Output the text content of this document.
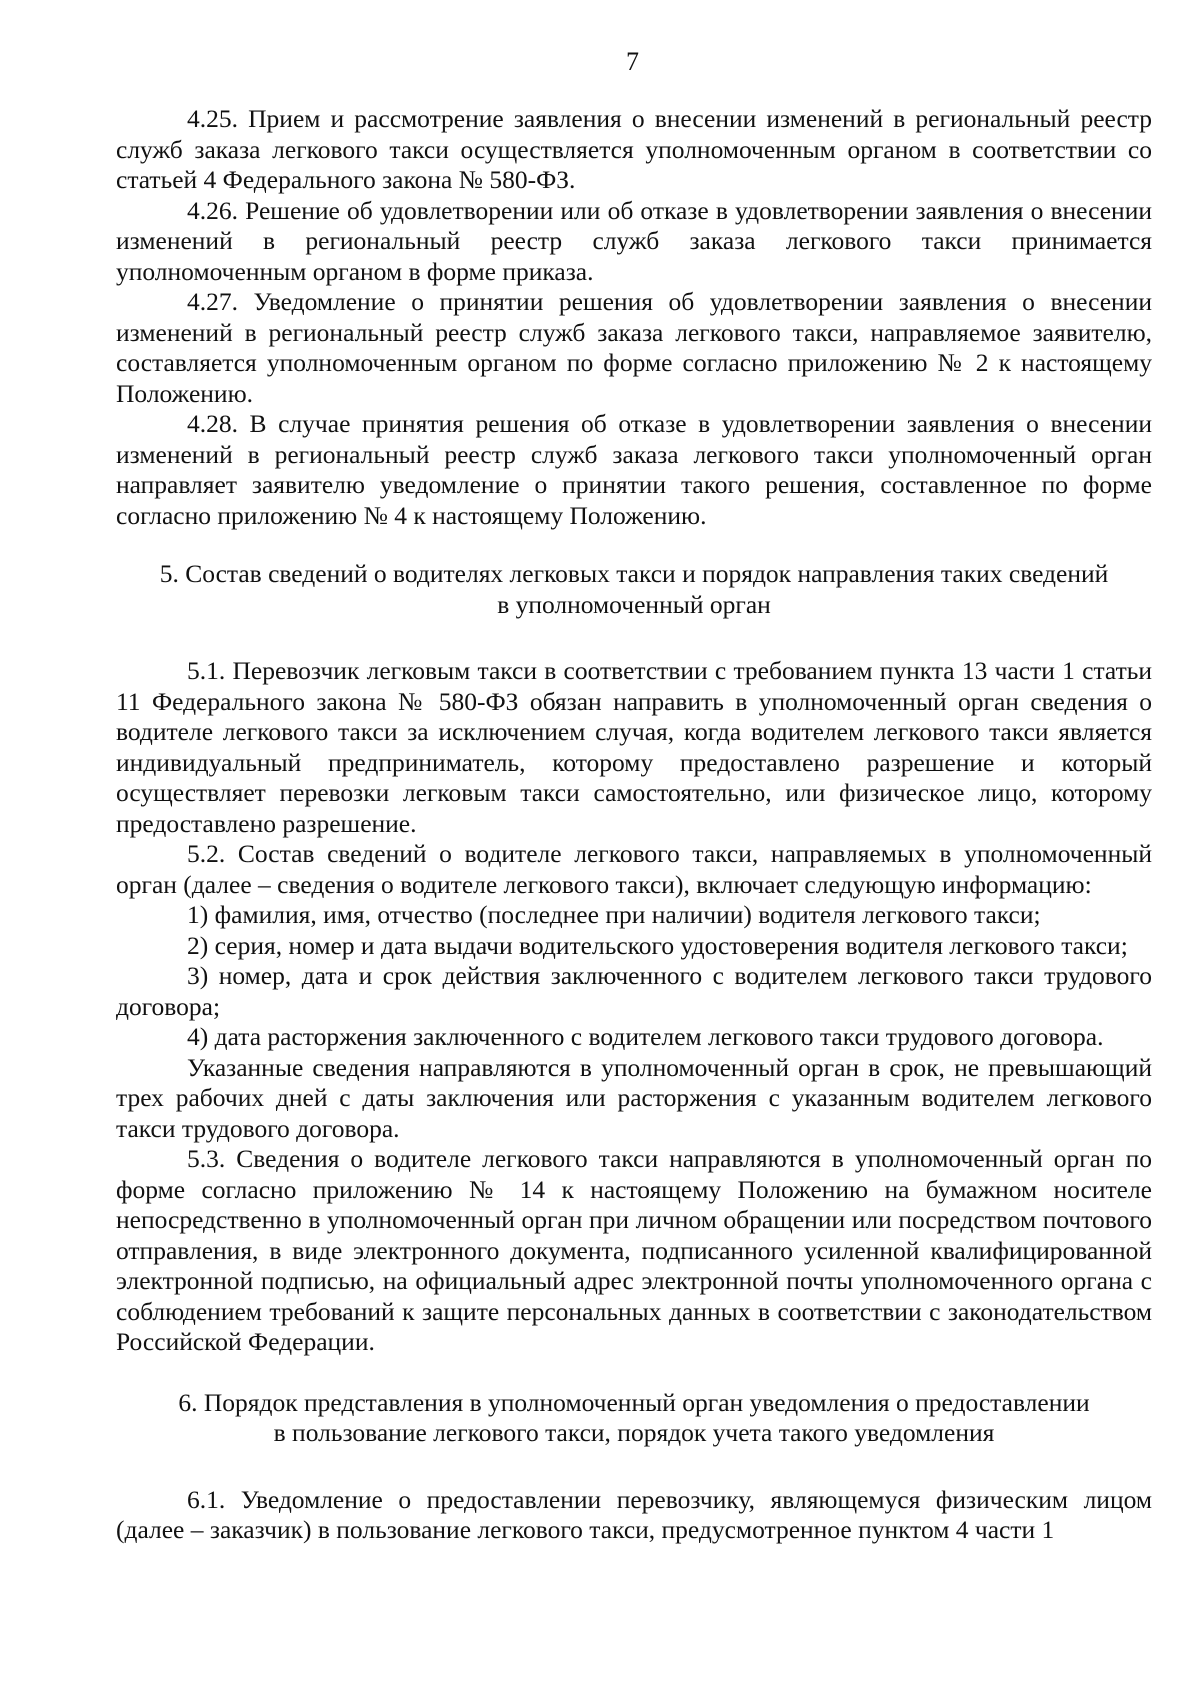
7

4.25. Прием и рассмотрение заявления о внесении изменений в региональный реестр служб заказа легкового такси осуществляется уполномоченным органом в соответствии со статьей 4 Федерального закона № 580-ФЗ.

4.26. Решение об удовлетворении или об отказе в удовлетворении заявления о внесении изменений в региональный реестр служб заказа легкового такси принимается уполномоченным органом в форме приказа.

4.27. Уведомление о принятии решения об удовлетворении заявления о внесении изменений в региональный реестр служб заказа легкового такси, направляемое заявителю, составляется уполномоченным органом по форме согласно приложению № 2 к настоящему Положению.

4.28. В случае принятия решения об отказе в удовлетворении заявления о внесении изменений в региональный реестр служб заказа легкового такси уполномоченный орган направляет заявителю уведомление о принятии такого решения, составленное по форме согласно приложению № 4 к настоящему Положению.

5. Состав сведений о водителях легковых такси и порядок направления таких сведений

в уполномоченный орган

5.1. Перевозчик легковым такси в соответствии с требованием пункта 13 части 1 статьи 11 Федерального закона № 580-ФЗ обязан направить в уполномоченный орган сведения о водителе легкового такси за исключением случая, когда водителем легкового такси является индивидуальный предприниматель, которому предоставлено разрешение и который осуществляет перевозки легковым такси самостоятельно, или физическое лицо, которому предоставлено разрешение.

5.2. Состав сведений о водителе легкового такси, направляемых в уполномоченный орган (далее – сведения о водителе легкового такси), включает следующую информацию:

1) фамилия, имя, отчество (последнее при наличии) водителя легкового такси;

2) серия, номер и дата выдачи водительского удостоверения водителя легкового такси;

3) номер, дата и срок действия заключенного с водителем легкового такси трудового договора;

4) дата расторжения заключенного с водителем легкового такси трудового договора.

Указанные сведения направляются в уполномоченный орган в срок, не превышающий трех рабочих дней с даты заключения или расторжения с указанным водителем легкового такси трудового договора.

5.3. Сведения о водителе легкового такси направляются в уполномоченный орган по форме согласно приложению № 14 к настоящему Положению на бумажном носителе непосредственно в уполномоченный орган при личном обращении или посредством почтового отправления, в виде электронного документа, подписанного усиленной квалифицированной электронной подписью, на официальный адрес электронной почты уполномоченного органа с соблюдением требований к защите персональных данных в соответствии с законодательством Российской Федерации.

6. Порядок представления в уполномоченный орган уведомления о предоставлении

в пользование легкового такси, порядок учета такого уведомления

6.1. Уведомление о предоставлении перевозчику, являющемуся физическим лицом (далее – заказчик) в пользование легкового такси, предусмотренное пунктом 4 части 1
